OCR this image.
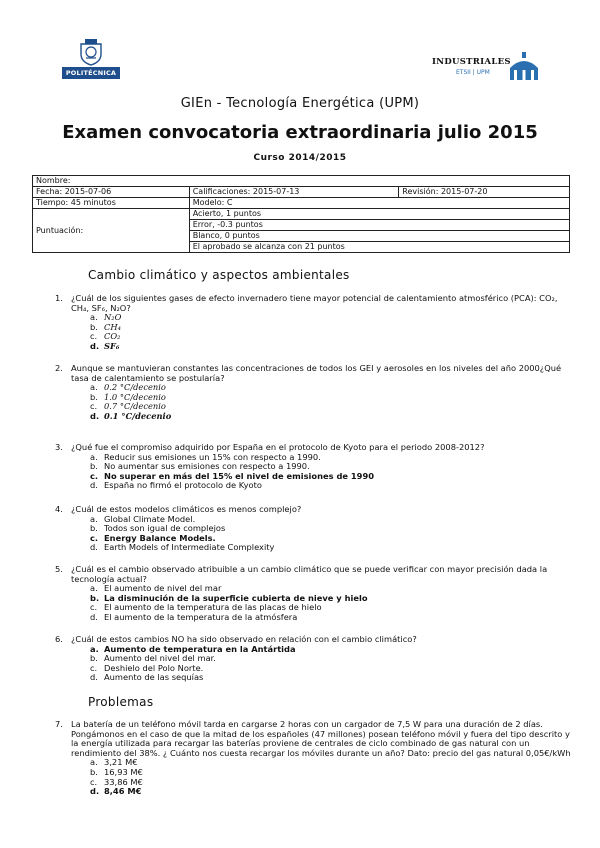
POLITÉCNICA
INDUSTRIALES
ETSII | UPM
GIEn - Tecnología Energética (UPM)
Examen convocatoria extraordinaria julio 2015
Curso 2014/2015
Nombre:		
Fecha: 2015-07-06	Calificaciones: 2015-07-13	Revisión: 2015-07-20
Tiempo: 45 minutos	Modelo: C	
Puntuación:	Acierto, 1 puntos	
	Error, -0.3 puntos	
	Blanco, 0 puntos	
	El aprobado se alcanza con 21 puntos	
Cambio climático y aspectos ambientales
1. ¿Cuál de los siguientes gases de efecto invernadero tiene mayor potencial de calentamiento atmosférico (PCA): CO₂, CH₄, SF₆, N₂O?
a. N₂O
b. CH₄
c. CO₂
d. SF₆
2. Aunque se mantuvieran constantes las concentraciones de todos los GEI y aerosoles en los niveles del año 2000¿Qué tasa de calentamiento se postularía?
a. 0.2 °C/decenio
b. 1.0 °C/decenio
c. 0.7 °C/decenio
d. 0.1 °C/decenio
3. ¿Qué fue el compromiso adquirido por España en el protocolo de Kyoto para el periodo 2008-2012?
a. Reducir sus emisiones un 15% con respecto a 1990.
b. No aumentar sus emisiones con respecto a 1990.
c. No superar en más del 15% el nivel de emisiones de 1990
d. España no firmó el protocolo de Kyoto
4. ¿Cuál de estos modelos climáticos es menos complejo?
a. Global Climate Model.
b. Todos son igual de complejos
c. Energy Balance Models.
d. Earth Models of Intermediate Complexity
5. ¿Cuál es el cambio observado atribuible a un cambio climático que se puede verificar con mayor precisión dada la tecnología actual?
a. El aumento de nivel del mar
b. La disminución de la superficie cubierta de nieve y hielo
c. El aumento de la temperatura de las placas de hielo
d. El aumento de la temperatura de la atmósfera
6. ¿Cuál de estos cambios NO ha sido observado en relación con el cambio climático?
a. Aumento de temperatura en la Antártida
b. Aumento del nivel del mar.
c. Deshielo del Polo Norte.
d. Aumento de las sequías
Problemas
7. La batería de un teléfono móvil tarda en cargarse 2 horas con un cargador de 7,5 W para una duración de 2 días. Pongámonos en el caso de que la mitad de los españoles (47 millones) posean teléfono móvil y fuera del tipo descrito y la energía utilizada para recargar las baterías proviene de centrales de ciclo combinado de gas natural con un rendimiento del 38%. ¿ Cuánto nos cuesta recargar los móviles durante un año? Dato: precio del gas natural 0,05€/kWh
a. 3,21 M€
b. 16,93 M€
c. 33,86 M€
d. 8,46 M€
